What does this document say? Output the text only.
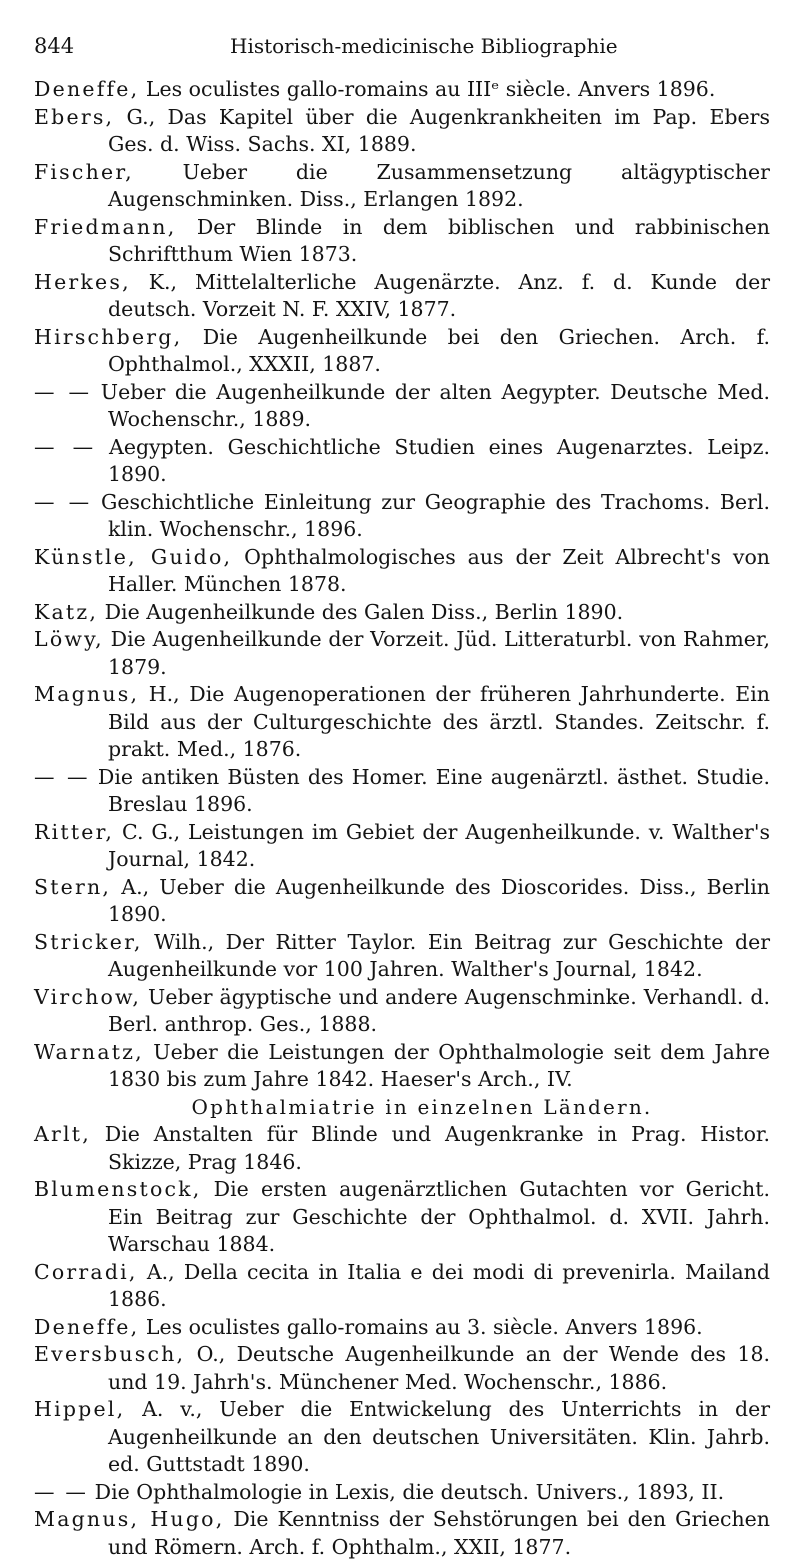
844	Historisch-medicinische Bibliographie
Deneffe, Les oculistes gallo-romains au IIIᵉ siècle. Anvers 1896.
Ebers, G., Das Kapitel über die Augenkrankheiten im Pap. Ebers Ges. d. Wiss. Sachs. XI, 1889.
Fischer, Ueber die Zusammensetzung altägyptischer Augenschminken. Diss., Erlangen 1892.
Friedmann, Der Blinde in dem biblischen und rabbinischen Schriftthum Wien 1873.
Herkes, K., Mittelalterliche Augenärzte. Anz. f. d. Kunde der deutsch. Vorzeit N. F. XXIV, 1877.
Hirschberg, Die Augenheilkunde bei den Griechen. Arch. f. Ophthalmol., XXXII, 1887.
— — Ueber die Augenheilkunde der alten Aegypter. Deutsche Med. Wochenschr., 1889.
— — Aegypten. Geschichtliche Studien eines Augenarztes. Leipz. 1890.
— — Geschichtliche Einleitung zur Geographie des Trachoms. Berl. klin. Wochenschr., 1896.
Künstle, Guido, Ophthalmologisches aus der Zeit Albrecht's von Haller. München 1878.
Katz, Die Augenheilkunde des Galen Diss., Berlin 1890.
Löwy, Die Augenheilkunde der Vorzeit. Jüd. Litteraturbl. von Rahmer, 1879.
Magnus, H., Die Augenoperationen der früheren Jahrhunderte. Ein Bild aus der Culturgeschichte des ärztl. Standes. Zeitschr. f. prakt. Med., 1876.
— — Die antiken Büsten des Homer. Eine augenärztl. ästhet. Studie. Breslau 1896.
Ritter, C. G., Leistungen im Gebiet der Augenheilkunde. v. Walther's Journal, 1842.
Stern, A., Ueber die Augenheilkunde des Dioscorides. Diss., Berlin 1890.
Stricker, Wilh., Der Ritter Taylor. Ein Beitrag zur Geschichte der Augenheilkunde vor 100 Jahren. Walther's Journal, 1842.
Virchow, Ueber ägyptische und andere Augenschminke. Verhandl. d. Berl. anthrop. Ges., 1888.
Warnatz, Ueber die Leistungen der Ophthalmologie seit dem Jahre 1830 bis zum Jahre 1842. Haeser's Arch., IV.
Ophthalmiatrie in einzelnen Ländern.
Arlt, Die Anstalten für Blinde und Augenkranke in Prag. Histor. Skizze, Prag 1846.
Blumenstock, Die ersten augenärztlichen Gutachten vor Gericht. Ein Beitrag zur Geschichte der Ophthalmol. d. XVII. Jahrh. Warschau 1884.
Corradi, A., Della cecita in Italia e dei modi di prevenirla. Mailand 1886.
Deneffe, Les oculistes gallo-romains au 3. siècle. Anvers 1896.
Eversbusch, O., Deutsche Augenheilkunde an der Wende des 18. und 19. Jahrh's. Münchener Med. Wochenschr., 1886.
Hippel, A. v., Ueber die Entwickelung des Unterrichts in der Augenheilkunde an den deutschen Universitäten. Klin. Jahrb. ed. Guttstadt 1890.
— — Die Ophthalmologie in Lexis, die deutsch. Univers., 1893, II.
Magnus, Hugo, Die Kenntniss der Sehstörungen bei den Griechen und Römern. Arch. f. Ophthalm., XXII, 1877.
